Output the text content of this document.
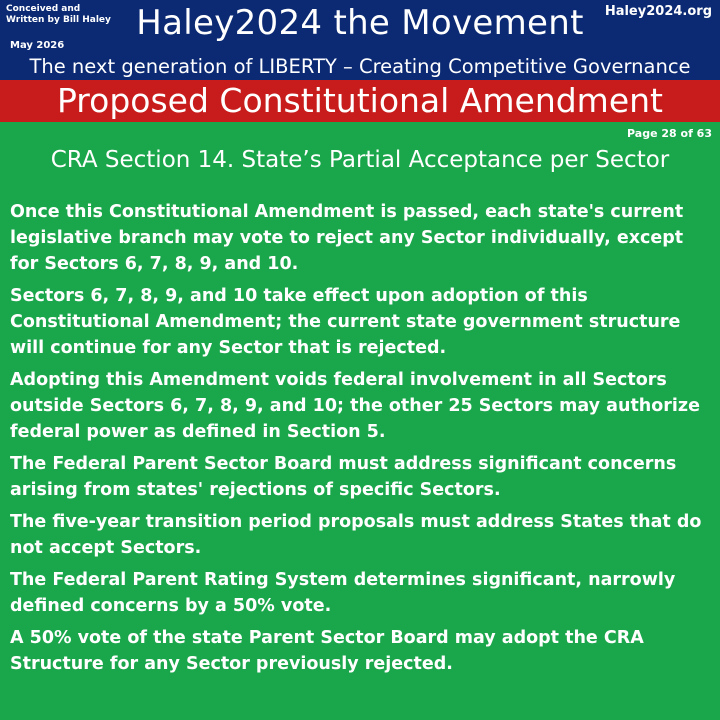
Conceived and Written by Bill Haley
May 2026
Haley2024 the Movement	Haley2024.org
The next generation of LIBERTY – Creating Competitive Governance
Proposed Constitutional Amendment
Page 28 of 63
CRA Section 14. State’s Partial Acceptance per Sector

Once this Constitutional Amendment is passed, each state's current legislative branch may vote to reject any Sector individually, except for Sectors 6, 7, 8, 9, and 10.

Sectors 6, 7, 8, 9, and 10 take effect upon adoption of this Constitutional Amendment; the current state government structure will continue for any Sector that is rejected.

Adopting this Amendment voids federal involvement in all Sectors outside Sectors 6, 7, 8, 9, and 10; the other 25 Sectors may authorize federal power as defined in Section 5.

The Federal Parent Sector Board must address significant concerns arising from states' rejections of specific Sectors.

The five-year transition period proposals must address States that do not accept Sectors.

The Federal Parent Rating System determines significant, narrowly defined concerns by a 50% vote.

A 50% vote of the state Parent Sector Board may adopt the CRA Structure for any Sector previously rejected.
